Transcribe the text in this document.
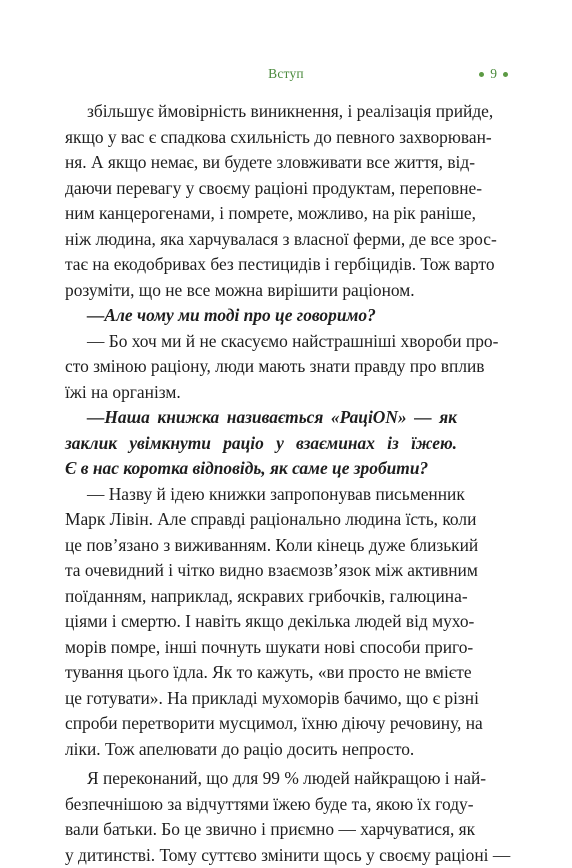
Вступ	9
збільшує ймовірність виникнення, і реалізація прийде,
якщо у вас є спадкова схильність до певного захворюван-
ня. А якщо немає, ви будете зловживати все життя, від-
даючи перевагу у своєму раціоні продуктам, переповне-
ним канцерогенами, і помрете, можливо, на рік раніше,
ніж людина, яка харчувалася з власної ферми, де все зрос-
тає на екодобривах без пестицидів і гербіцидів. Тож варто
розуміти, що не все можна вирішити раціоном.
—Але чому ми тоді про це говоримо?
— Бо хоч ми й не скасуємо найстрашніші хвороби про-
сто зміною раціону, люди мають знати правду про вплив
їжі на організм.
—Наша книжка називається «РаціON» — як
заклик увімкнути раціо у взаєминах із їжею.
Є в нас коротка відповідь, як саме це зробити?
— Назву й ідею книжки запропонував письменник
Марк Лівін. Але справді раціонально людина їсть, коли
це пов’язано з виживанням. Коли кінець дуже близький
та очевидний і чітко видно взаємозв’язок між активним
поїданням, наприклад, яскравих грибочків, галюцина-
ціями і смертю. І навіть якщо декілька людей від мухо-
морів помре, інші почнуть шукати нові способи приго-
тування цього їдла. Як то кажуть, «ви просто не вмієте
це готувати». На прикладі мухоморів бачимо, що є різні
спроби перетворити мусцимол, їхню діючу речовину, на
ліки. Тож апелювати до раціо досить непросто.
Я переконаний, що для 99 % людей найкращою і най-
безпечнішою за відчуттями їжею буде та, якою їх году-
вали батьки. Бо це звично і приємно — харчуватися, як
у дитинстві. Тому суттєво змінити щось у своєму раціоні —
